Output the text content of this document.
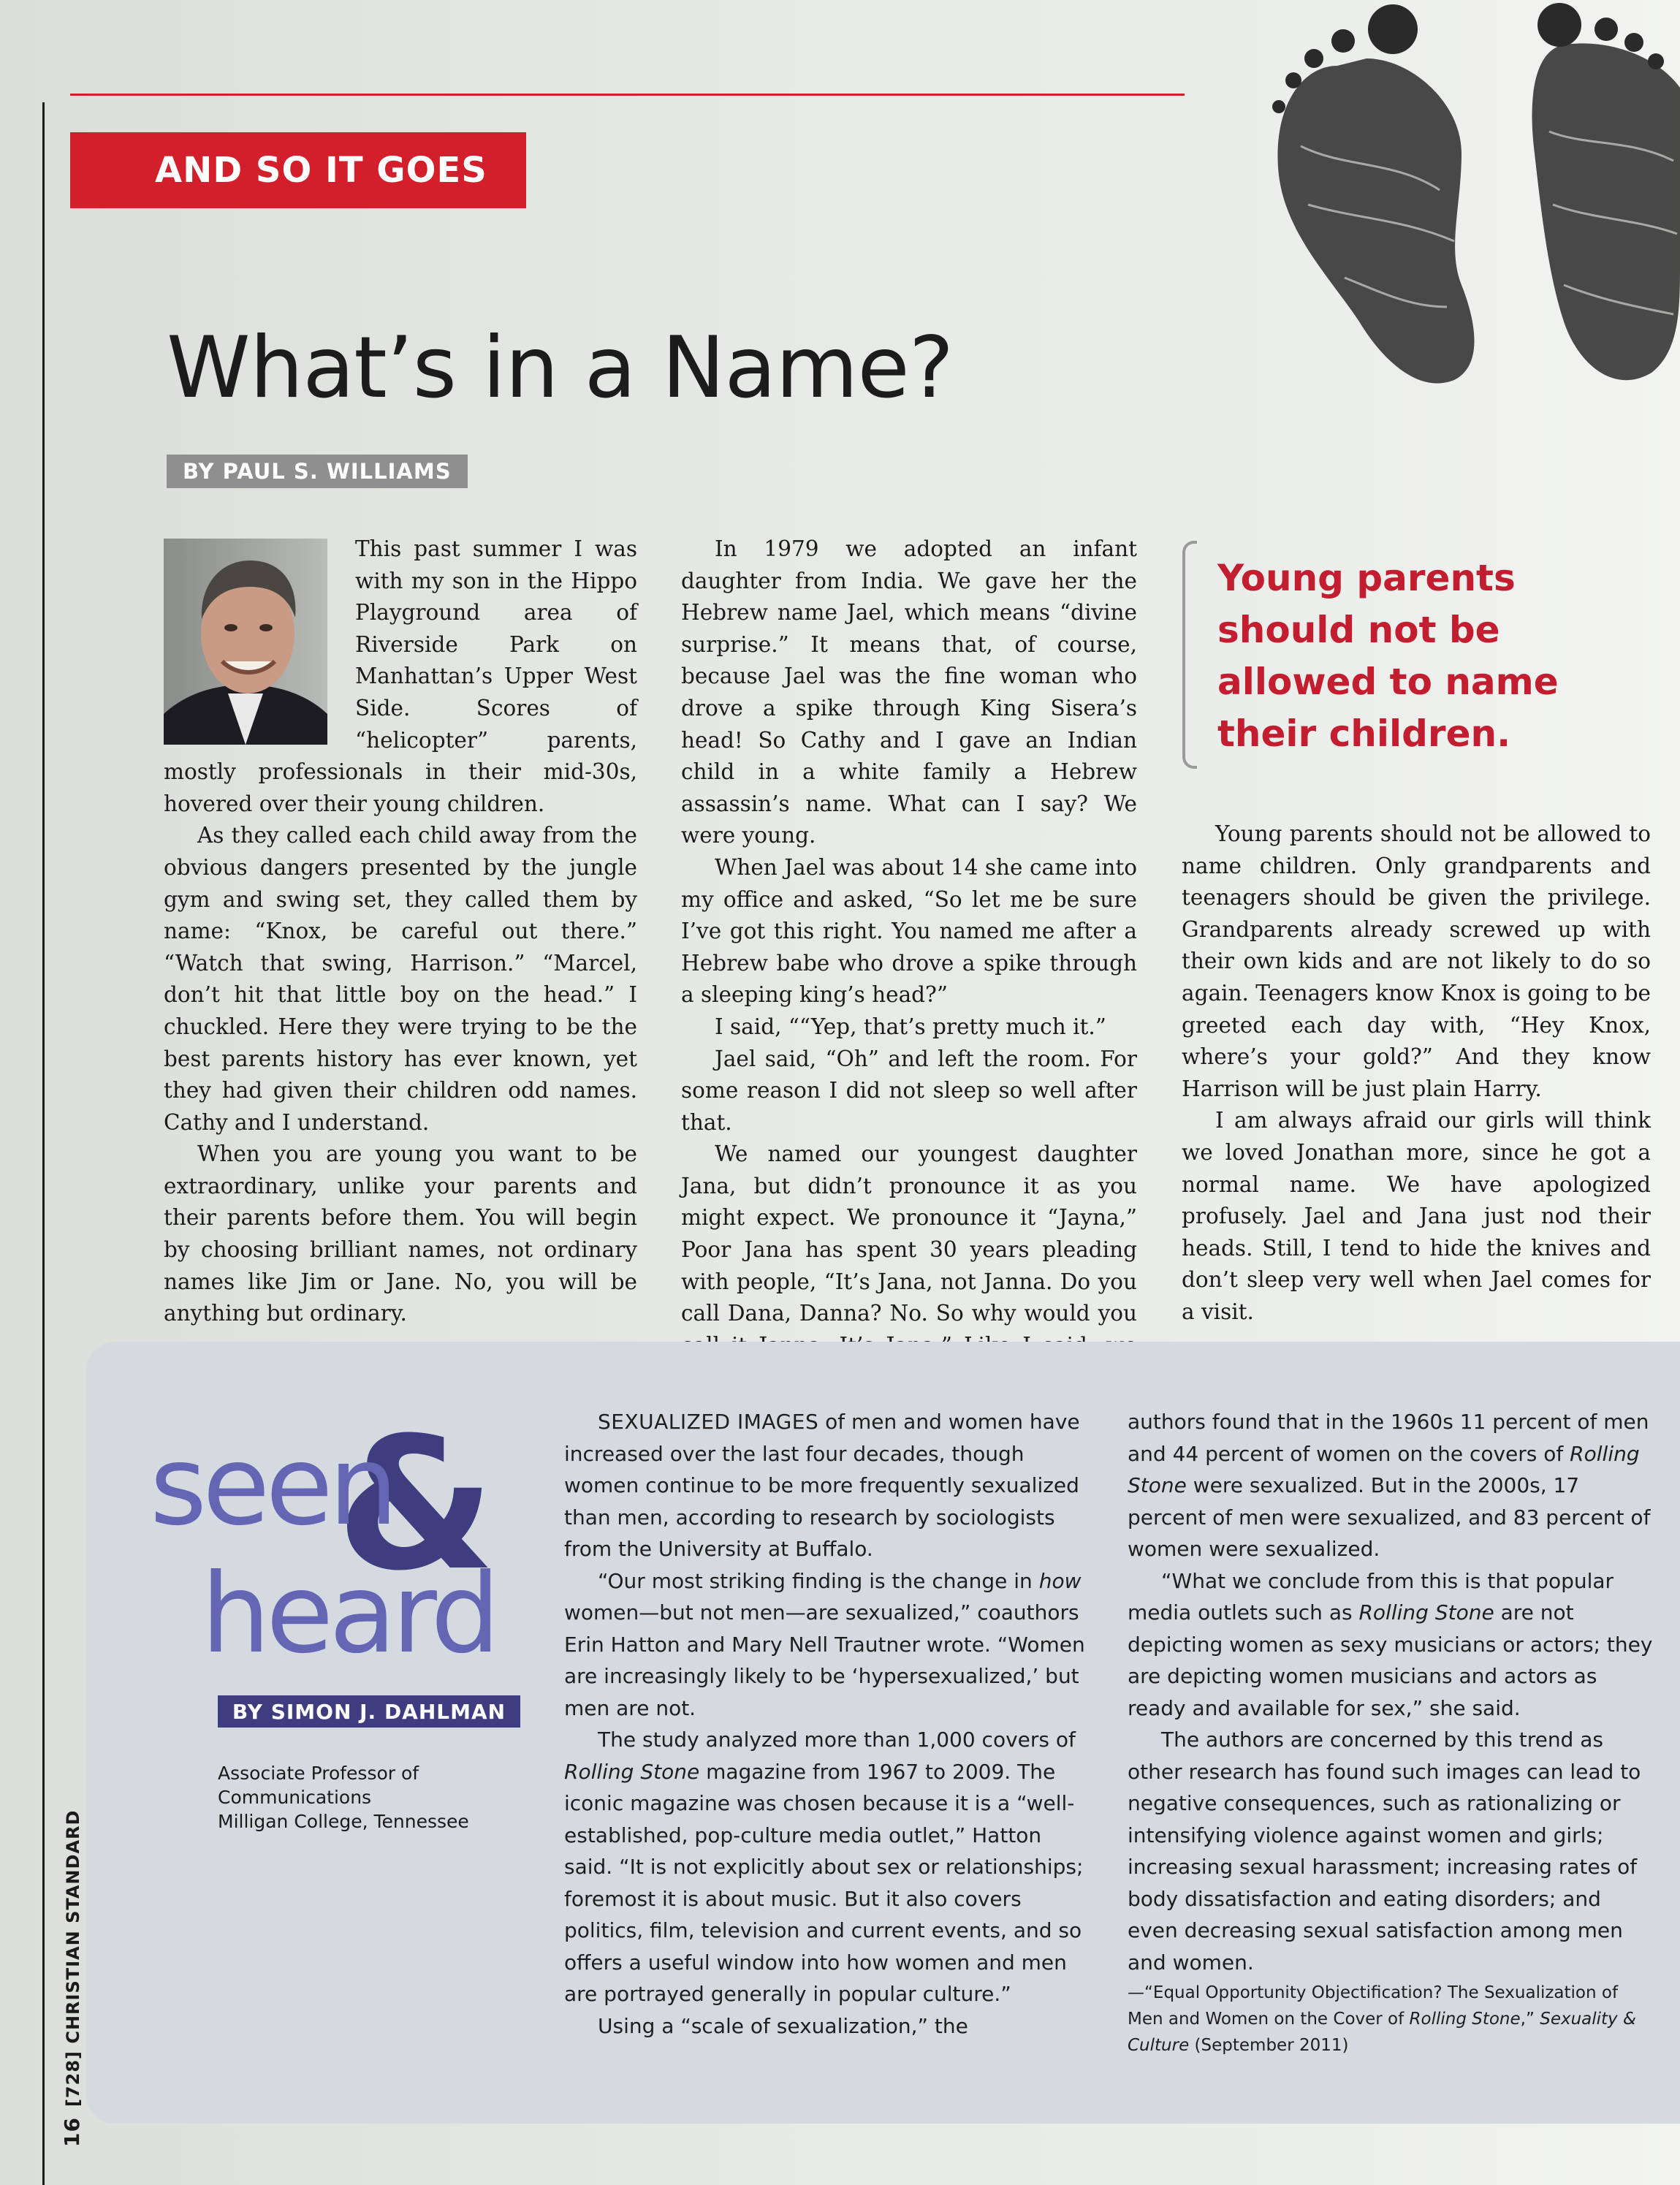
AND SO IT GOES
What’s in a Name?
BY PAUL S. WILLIAMS

This past summer I was with my son in the Hippo Playground area of Riverside Park on Manhattan’s Upper West Side. Scores of “helicopter” parents, mostly professionals in their mid-30s, hovered over their young children.

As they called each child away from the obvious dangers presented by the jungle gym and swing set, they called them by name: “Knox, be careful out there.” “Watch that swing, Harrison.” “Marcel, don’t hit that little boy on the head.” I chuckled. Here they were trying to be the best parents history has ever known, yet they had given their children odd names. Cathy and I understand.

When you are young you want to be extraordinary, unlike your parents and their parents before them. You will begin by choosing brilliant names, not ordinary names like Jim or Jane. No, you will be anything but ordinary.

In 1979 we adopted an infant daughter from India. We gave her the Hebrew name Jael, which means “divine surprise.” It means that, of course, because Jael was the fine woman who drove a spike through King Sisera’s head! So Cathy and I gave an Indian child in a white family a Hebrew assassin’s name. What can I say? We were young.

When Jael was about 14 she came into my office and asked, “So let me be sure I’ve got this right. You named me after a Hebrew babe who drove a spike through a sleeping king’s head?”

I said, ““Yep, that’s pretty much it.”

Jael said, “Oh” and left the room. For some reason I did not sleep so well after that.

We named our youngest daughter Jana, but didn’t pronounce it as you might expect. We pronounce it “Jayna,” Poor Jana has spent 30 years pleading with people, “It’s Jana, not Janna. Do you call Dana, Danna? No. So why would you

Young parents should not be allowed to name their children.

Young parents should not be allowed to name children. Only grandparents and teenagers should be given the privilege. Grandparents already screwed up with their own kids and are not likely to do so again. Teenagers know Knox is going to be greeted each day with, “Hey Knox, where’s your gold?” And they know Harrison will be just plain Harry.

I am always afraid our girls will think we loved Jonathan more, since he got a normal name. We have apologized profusely. Jael and Jana just nod their heads. Still, I tend to hide the knives and don’t sleep very well when Jael comes for a visit.

&
seen
heard
BY SIMON J. DAHLMAN
Associate Professor of Communications
Milligan College, Tennessee

SEXUALIZED IMAGES of men and women have increased over the last four decades, though women continue to be more frequently sexualized than men, according to research by sociologists from the University at Buffalo.

“Our most striking finding is the change in how women—but not men—are sexualized,” coauthors Erin Hatton and Mary Nell Trautner wrote. “Women are increasingly likely to be ‘hypersexualized,’ but men are not.

The study analyzed more than 1,000 covers of Rolling Stone magazine from 1967 to 2009. The iconic magazine was chosen because it is a “well-established, pop-culture media outlet,” Hatton said. “It is not explicitly about sex or relationships; foremost it is about music. But it also covers politics, film, television and current events, and so offers a useful window into how women and men are portrayed generally in popular culture.”

Using a “scale of sexualization,” the

authors found that in the 1960s 11 percent of men and 44 percent of women on the covers of Rolling Stone were sexualized. But in the 2000s, 17 percent of men were sexualized, and 83 percent of women were sexualized.

“What we conclude from this is that popular media outlets such as Rolling Stone are not depicting women as sexy musicians or actors; they are depicting women musicians and actors as ready and available for sex,” she said.

The authors are concerned by this trend as other research has found such images can lead to negative consequences, such as rationalizing or intensifying violence against women and girls; increasing sexual harassment; increasing rates of body dissatisfaction and eating disorders; and even decreasing sexual satisfaction among men and women.

—“Equal Opportunity Objectification? The Sexualization of Men and Women on the Cover of Rolling Stone,” Sexuality & Culture (September 2011)

16[728] CHRISTIAN STANDARD
